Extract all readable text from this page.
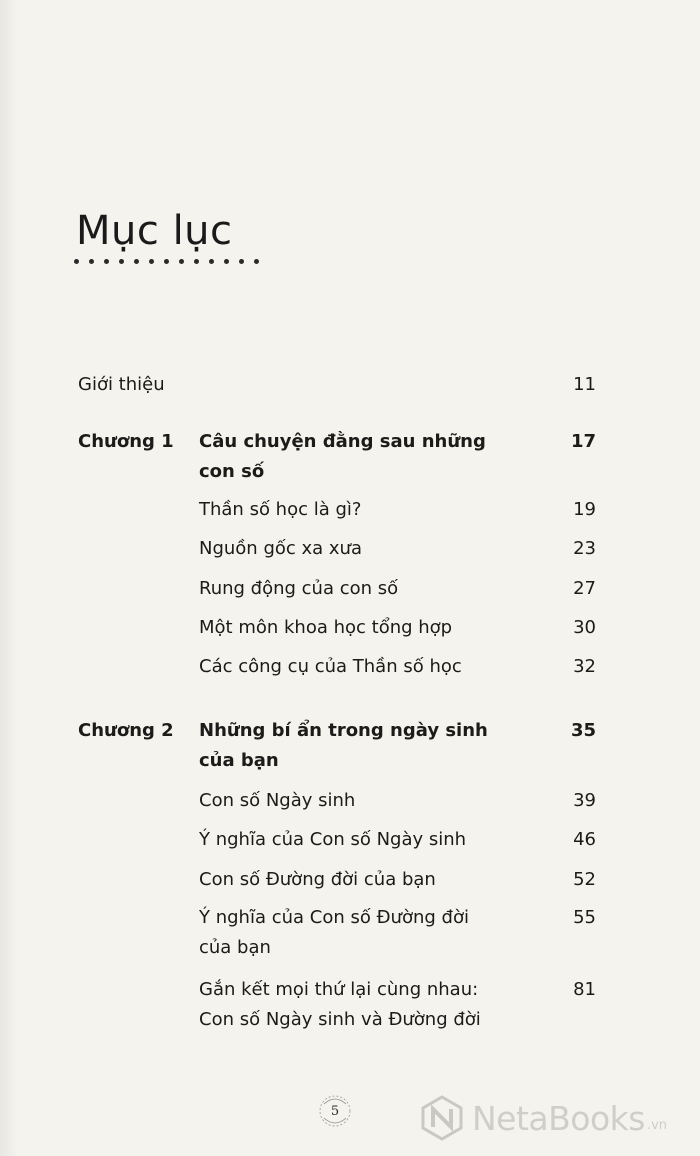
Mục lục
Giới thiệu	11
Chương 1 Câu chuyện đằng sau những	17
con số
Thần số học là gì?	19
Nguồn gốc xa xưa	23
Rung động của con số	27
Một môn khoa học tổng hợp	30
Các công cụ của Thần số học	32
Chương 2 Những bí ẩn trong ngày sinh	35
của bạn
Con số Ngày sinh	39
Ý nghĩa của Con số Ngày sinh	46
Con số Đường đời của bạn	52
Ý nghĩa của Con số Đường đời	55
của bạn
Gắn kết mọi thứ lại cùng nhau:	81
Con số Ngày sinh và Đường đời
5	NetaBooks .vn
